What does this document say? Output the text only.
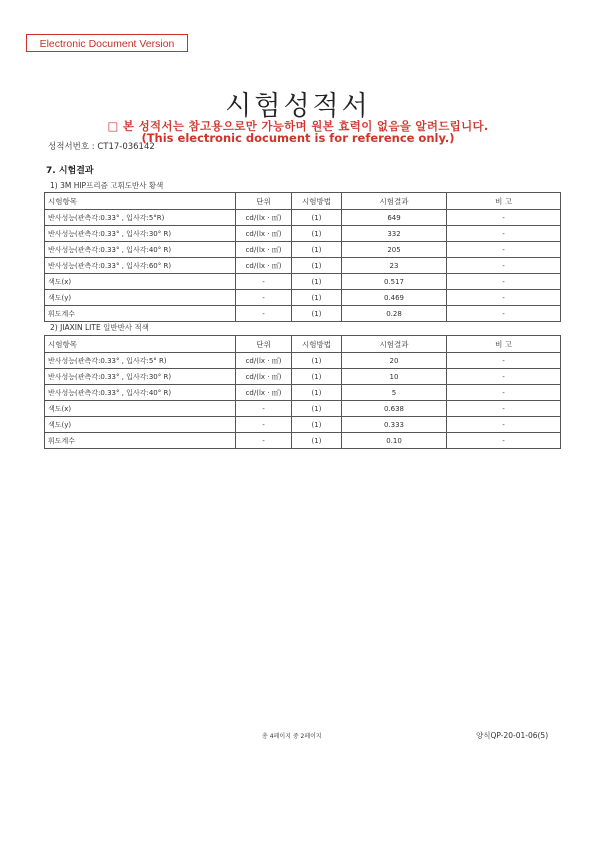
Electronic Document Version
시험성적서
□ 본 성적서는 참고용으로만 가능하며 원본 효력이 없음을 알려드립니다.
(This electronic document is for reference only.)
성적서번호 : CT17-036142
7. 시험결과
1) 3M HIP프리즘 고휘도반사 황색
시험항목	단위	시험방법	시험결과	비 고
반사성능(관측각:0.33° , 입사각:5°R)	cd/(lx · ㎡)	(1)	649	-
반사성능(관측각:0.33° , 입사각:30° R)	cd/(lx · ㎡)	(1)	332	-
반사성능(관측각:0.33° , 입사각:40° R)	cd/(lx · ㎡)	(1)	205	-
반사성능(관측각:0.33° , 입사각:60° R)	cd/(lx · ㎡)	(1)	23	-
색도(x)	-	(1)	0.517	-
색도(y)	-	(1)	0.469	-
휘도계수	-	(1)	0.28	-
2) JIAXIN LITE 일반반사 적색
시험항목	단위	시험방법	시험결과	비 고
반사성능(관측각:0.33° , 입사각:5° R)	cd/(lx · ㎡)	(1)	20	-
반사성능(관측각:0.33° , 입사각:30° R)	cd/(lx · ㎡)	(1)	10	-
반사성능(관측각:0.33° , 입사각:40° R)	cd/(lx · ㎡)	(1)	5	-
색도(x)	-	(1)	0.638	-
색도(y)	-	(1)	0.333	-
휘도계수	-	(1)	0.10	-
총 4페이지 중 2페이지	양식QP-20-01-06(5)
